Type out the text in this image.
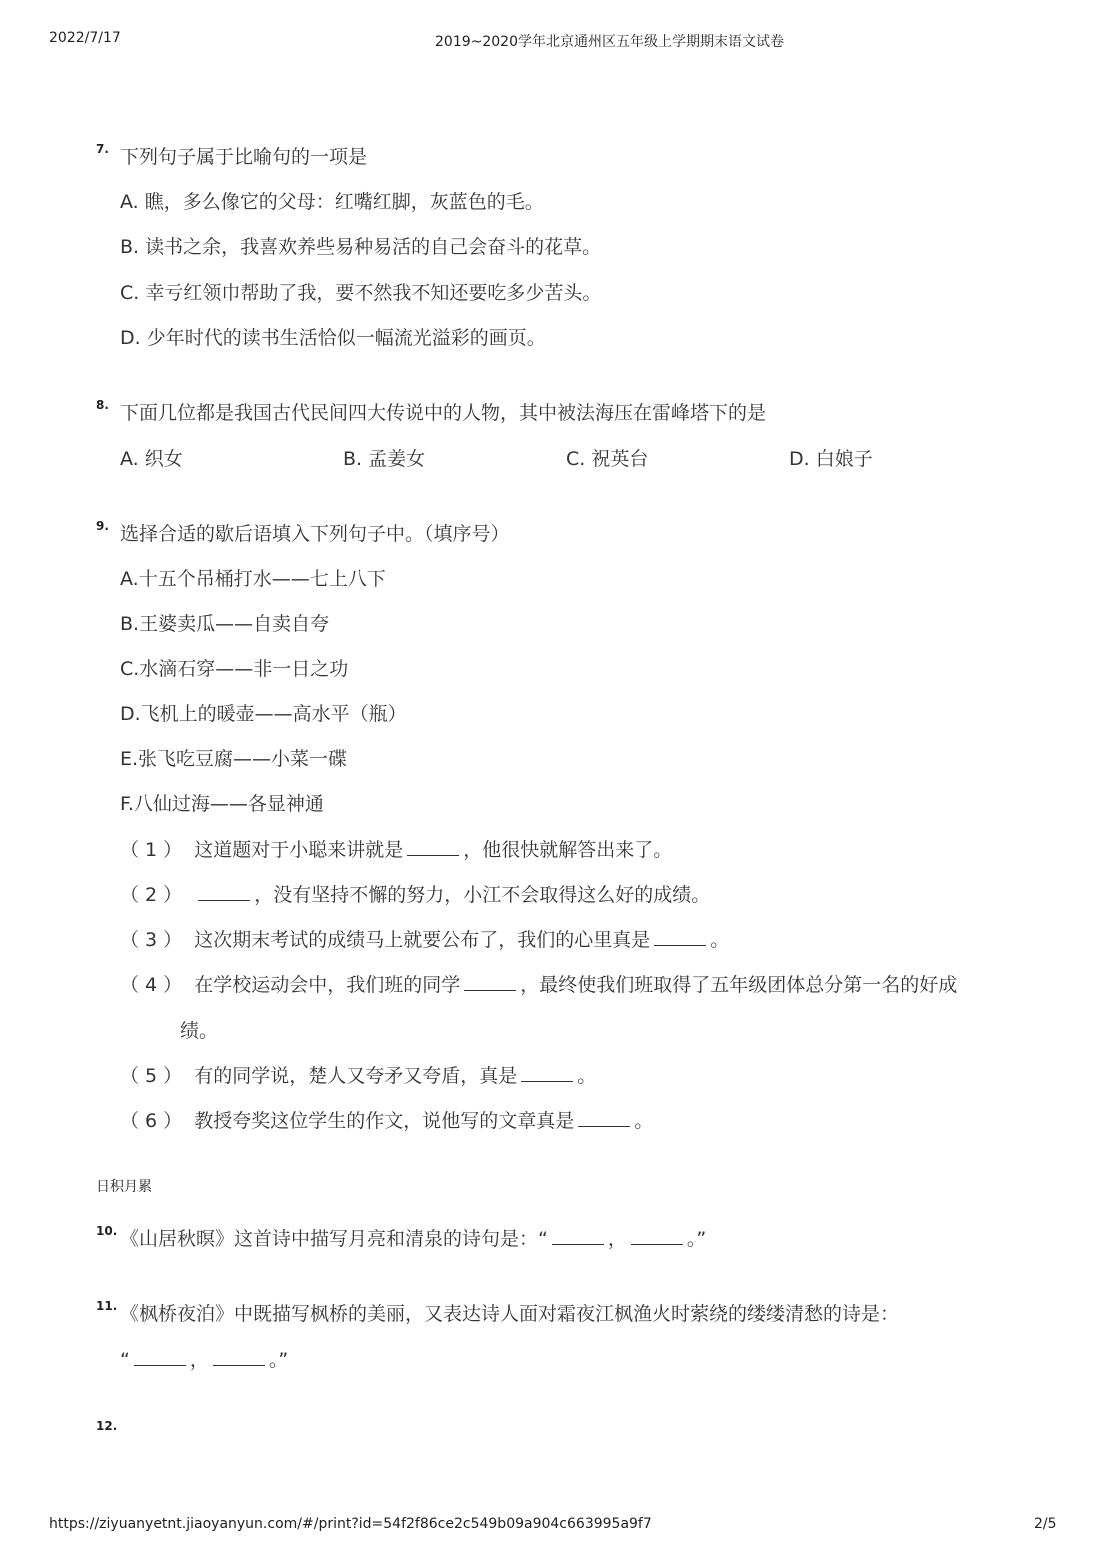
2022/7/17	2019~2020学年北京通州区五年级上学期期末语文试卷
7. 下列句子属于比喻句的一项是
A. 瞧，多么像它的父母：红嘴红脚，灰蓝色的毛。
B. 读书之余，我喜欢养些易种易活的自己会奋斗的花草。
C. 幸亏红领巾帮助了我，要不然我不知还要吃多少苦头。
D. 少年时代的读书生活恰似一幅流光溢彩的画页。
8. 下面几位都是我国古代民间四大传说中的人物，其中被法海压在雷峰塔下的是
A. 织女	B. 孟姜女	C. 祝英台	D. 白娘子
9. 选择合适的歇后语填入下列句子中。（填序号）
A.十五个吊桶打水——七上八下
B.王婆卖瓜——自卖自夸
C.水滴石穿——非一日之功
D.飞机上的暖壶——高水平（瓶）
E.张飞吃豆腐——小菜一碟
F.八仙过海——各显神通
（ 1 ） 这道题对于小聪来讲就是	，他很快就解答出来了。
（ 2 ）	，没有坚持不懈的努力，小江不会取得这么好的成绩。
（ 3 ） 这次期末考试的成绩马上就要公布了，我们的心里真是	。
（ 4 ） 在学校运动会中，我们班的同学	，最终使我们班取得了五年级团体总分第一名的好成
绩。
（ 5 ） 有的同学说，楚人又夸矛又夸盾，真是	。
（ 6 ） 教授夸奖这位学生的作文，说他写的文章真是	。
日积月累
10. 《山居秋暝》这首诗中描写月亮和清泉的诗句是：“	，	。”
11. 《枫桥夜泊》中既描写枫桥的美丽，又表达诗人面对霜夜江枫渔火时萦绕的缕缕清愁的诗是：
“	，	。”
12.
https://ziyuanyetnt.jiaoyanyun.com/#/print?id=54f2f86ce2c549b09a904c663995a9f7	2/5
